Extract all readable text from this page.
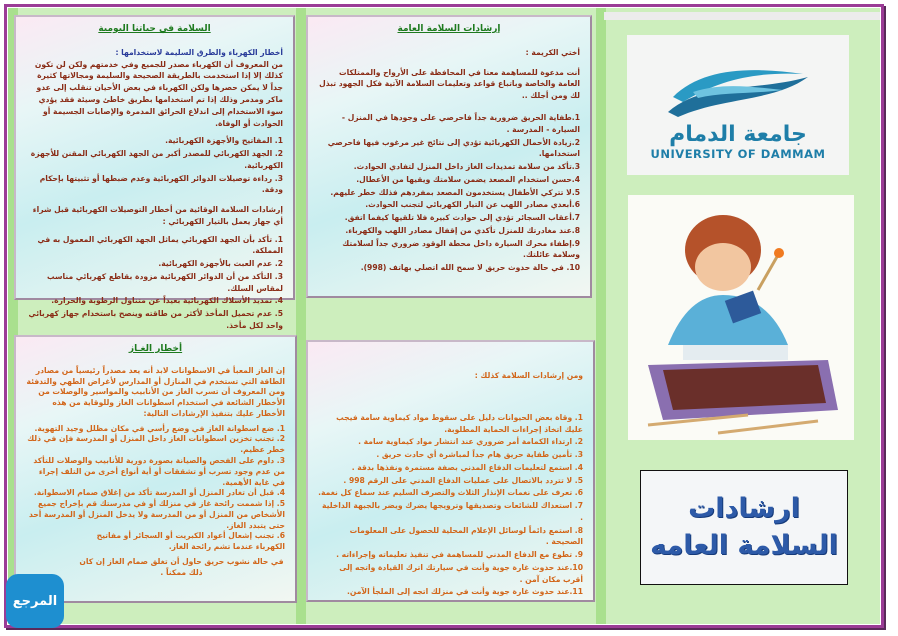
السلامة في حياتنا اليومية
أخطار الكهرباء والطرق السليمة لاستخدامها :
من المعروف أن الكهرباء مصدر للجميع وفي خدمتهم ولكن لن تكون كذلك إلا إذا استخدمت بالطريقة الصحيحة والسليمة ومجالاتها كثيرة جداً لا يمكن حصرها ولكن الكهرباء في بعض الأحيان تنقلب إلى عدو ماكر ومدمر وذلك إذا تم استخدامها بطريق خاطئ وسيئة فقد يؤدي سوء الاستخدام إلى اندلاع الحرائق المدمرة والإصابات الجسيمة أو الحوادث أو الوفاة.
1. المفاتيح والأجهزة الكهربائية.
2. الجهد الكهربائي للمصدر أكبر من الجهد الكهربائي المقنن للأجهزة الكهربائية.
3. رداءة توصيلات الدوائر الكهربائية وعدم ضبطها أو تثبيتها بإحكام ودقة.
إرشادات السلامة الوقائية من أخطار التوصيلات الكهربائية قبل شراء أي جهاز يعمل بالتيار الكهربائي :
1. تأكد بأن الجهد الكهربائي يماثل الجهد الكهربائي المعمول به في المملكة.
2. عدم العبث بالأجهزة الكهربائية.
3. التأكد من أن الدوائر الكهربائية مزودة بقاطع كهربائي مناسب لمقاس السلك.
4. تمديد الأسلاك الكهربائية بعيداً عن متناول الرطوبة والحرارة.
5. عدم تحميل المأخذ لأكثر من طاقته وينصح باستخدام جهاز كهربائي واحد لكل مأخذ.
إرشادات السلامة العامة
أختي الكريمة :
أنت مدعوة للمساهمة معنا في المحافظة على الأرواح والممتلكات العامة والخاصة وباتباع قواعد وتعليمات السلامة الآتية فكل الجهود تبذل لك ومن أجلك ..
1.طفاية الحريق ضرورية جداً فاحرصي على وجودها في المنزل - السيارة - المدرسة .
2.زيادة الأحمال الكهربائية تؤدي إلى نتائج غير مرغوب فيها فاحرصي استخدامها.
3.تأكد من سلامة تمديدات الغاز داخل المنزل لتفادي الحوادث.
4.حسن استخدام المصعد يضمن سلامتك ويقيها من الأعطال.
5.لا تتركي الأطفال يستخدمون المصعد بمفردهم فذلك خطر عليهم.
6.أبعدي مصادر اللهب عن التيار الكهربائي لتجنب الحوادث.
7.أعقاب السجائر تؤدي إلى حوادث كبيرة فلا تلقيها كيفما اتفق.
8.عند مغادرتك للمنزل تأكدي من إقفال مصادر اللهب والكهرباء.
9.إطفاء محرك السيارة داخل محطة الوقود ضروري جداً لسلامتك وسلامة عائلتك.
10. في حالة حدوث حريق لا سمح الله اتصلي بهاتف (998).
أخطار الغـاز
إن الغاز المعبأ في الاسطوانات لابد أنه يعد مصدراً رئيسياً من مصادر الطاقة التي تستخدم في المنازل أو المدارس لأغراض الطهي والتدفئة ومن المعروف أن تسرب الغاز من الأنابيب والمواسير والوصلات من الأخطار الشائعة في استخدام اسطوانات الغاز وللوقاية من هذه الأخطار عليك بتنفيذ الإرشادات التالية:
1. ضع اسطوانة الغاز في وضع رأسي في مكان مظلل وجيد التهوية.
2. تجنب تخزين اسطوانات الغاز داخل المنزل أو المدرسة فإن في ذلك خطر عظيم.
3. داوم على الفحص والصيانة بصورة دورية للأنابيب والوصلات للتأكد من عدم وجود تسرب أو تشققات أو أية أنواع أخرى من التلف إجراء في غاية الأهمية.
4. قبل أن تغادر المنزل أو المدرسة تأكد من إغلاق صمام الاسطوانة.
5. إذا شممت رائحة غاز في منزلك أو في مدرستك قم بإخراج جميع الأشخاص من المنزل أو من المدرسة ولا يدخل المنزل أو المدرسة أحد حتى يتبدد الغاز.
6. تجنب إشعال أعواد الكبريت أو السجائر أو مفاتيح الكهرباء عندما تشم رائحة الغاز.
في حالة نشوب حريق حاول أن تغلق صمام الغاز إن كان ذلك ممكناً .
ومن إرشادات السلامة كذلك :
1. وقاة بعض الحيوانات دليل على سقوط مواد كيماوية سامة فيجب عليك اتخاذ إجراءات الحماية المطلوبة.
2. ارتداء الكمامة أمر ضروري عند انتشار مواد كيماوية سامة .
3. تأمين طفاية حريق هام جداً لمباشرة أي حادث حريق .
4. استمع لتعليمات الدفاع المدني بصفة مستمرة ونفذها بدقة .
5. لا تتردد بالاتصال على عمليات الدفاع المدني على الرقم 998 .
6. تعرف على نغمات الإنذار الثلاث والتصرف السليم عند سماع كل نغمة.
7. استعداك للشائعات وتصديقها وترويجها يضرك ويضر بالجبهة الداخلية .
8. استمع دائماً لوسائل الإعلام المحلية للحصول على المعلومات الصحيحة .
9. تطوع مع الدفاع المدني للمساهمة في تنفيذ تعليماته وإجراءاته .
10.عند حدوث غارة جوية وأنت في سيارتك اترك القيادة واتجه إلى أقرب مكان آمن .
11.عند حدوث غارة جوية وأنت في منزلك اتجه إلى الملجأ الآمن.
جامعة الدمام
UNIVERSITY OF DAMMAM
ارشادات
السلامة العامه
المرجع
